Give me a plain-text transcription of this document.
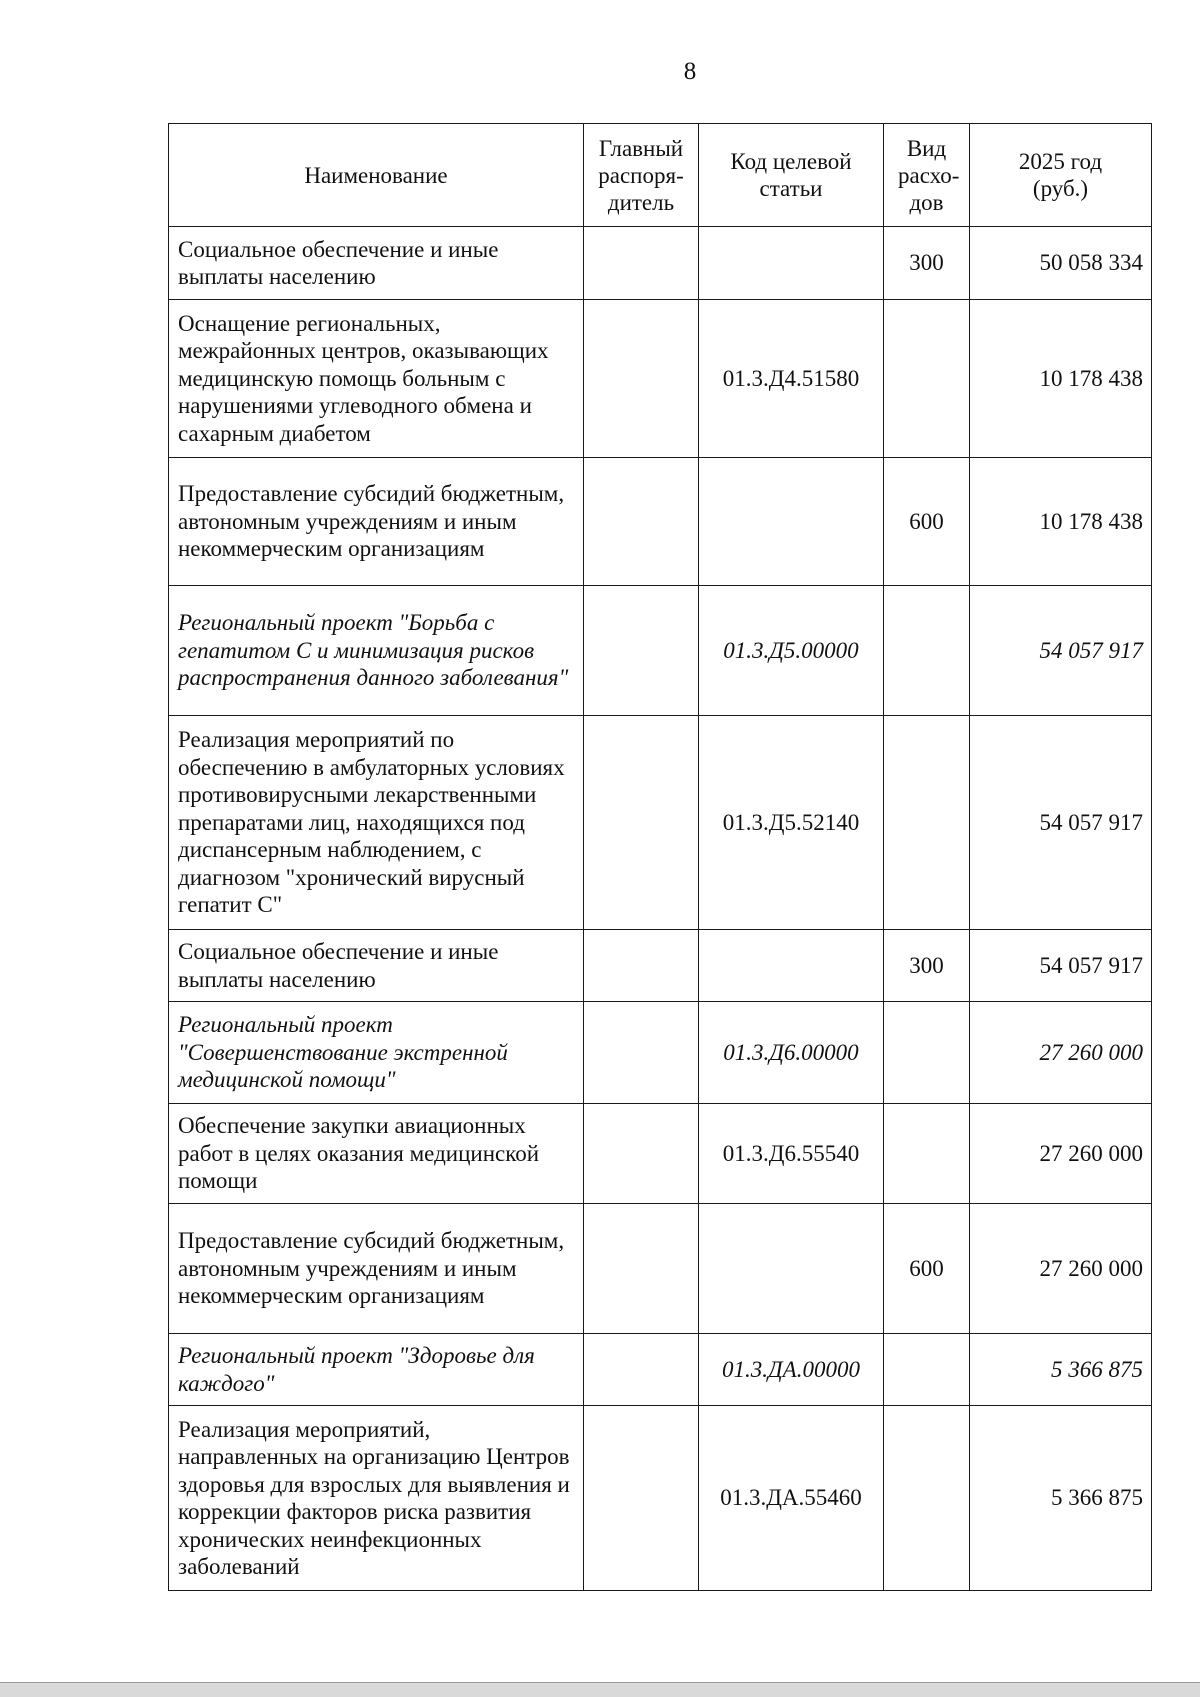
8
Наименование	Главный распоря-дитель	Код целевой статьи	Вид расхо-дов	2025 год (руб.)
Социальное обеспечение и иные выплаты населению			300	50 058 334
Оснащение региональных, межрайонных центров, оказывающих медицинскую помощь больным с нарушениями углеводного обмена и сахарным диабетом		01.3.Д4.51580		10 178 438
Предоставление субсидий бюджетным, автономным учреждениям и иным некоммерческим организациям			600	10 178 438
Региональный проект "Борьба с гепатитом С и минимизация рисков распространения данного заболевания"		01.3.Д5.00000		54 057 917
Реализация мероприятий по обеспечению в амбулаторных условиях противовирусными лекарственными препаратами лиц, находящихся под диспансерным наблюдением, с диагнозом "хронический вирусный гепатит С"		01.3.Д5.52140		54 057 917
Социальное обеспечение и иные выплаты населению			300	54 057 917
Региональный проект "Совершенствование экстренной медицинской помощи"		01.3.Д6.00000		27 260 000
Обеспечение закупки авиационных работ в целях оказания медицинской помощи		01.3.Д6.55540		27 260 000
Предоставление субсидий бюджетным, автономным учреждениям и иным некоммерческим организациям			600	27 260 000
Региональный проект "Здоровье для каждого"		01.3.ДА.00000		5 366 875
Реализация мероприятий, направленных на организацию Центров здоровья для взрослых для выявления и коррекции факторов риска развития хронических неинфекционных заболеваний		01.3.ДА.55460		5 366 875
